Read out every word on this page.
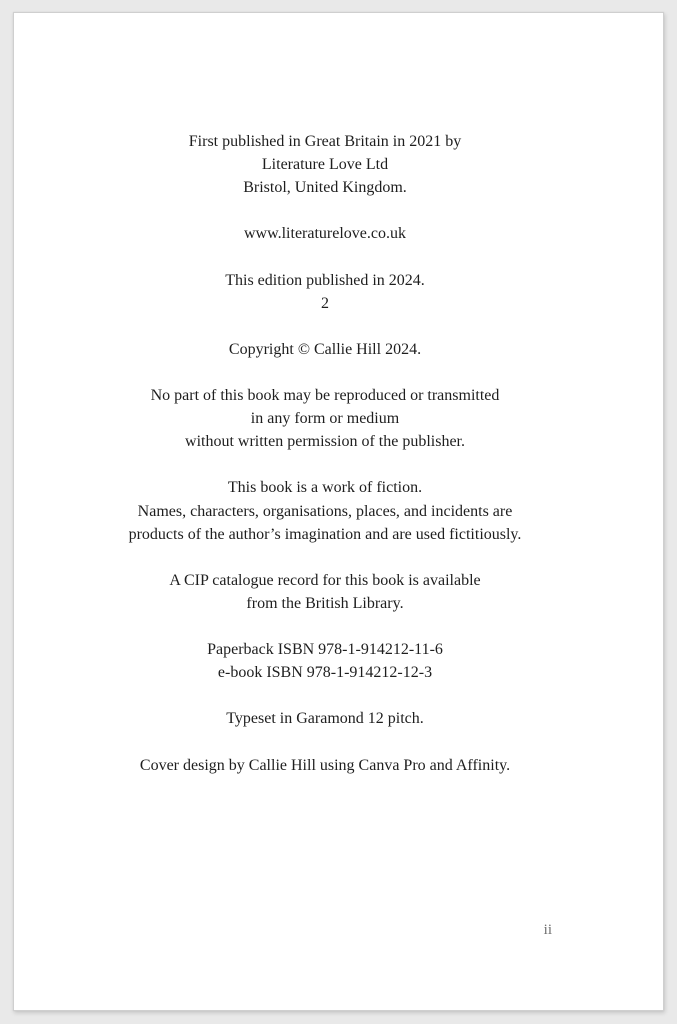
First published in Great Britain in 2021 by
Literature Love Ltd
Bristol, United Kingdom.

www.literaturelove.co.uk

This edition published in 2024.
2

Copyright © Callie Hill 2024.

No part of this book may be reproduced or transmitted
in any form or medium
without written permission of the publisher.

This book is a work of fiction.
Names, characters, organisations, places, and incidents are
products of the author’s imagination and are used fictitiously.

A CIP catalogue record for this book is available
from the British Library.

Paperback ISBN 978-1-914212-11-6
e-book ISBN 978-1-914212-12-3

Typeset in Garamond 12 pitch.

Cover design by Callie Hill using Canva Pro and Affinity.

ii
